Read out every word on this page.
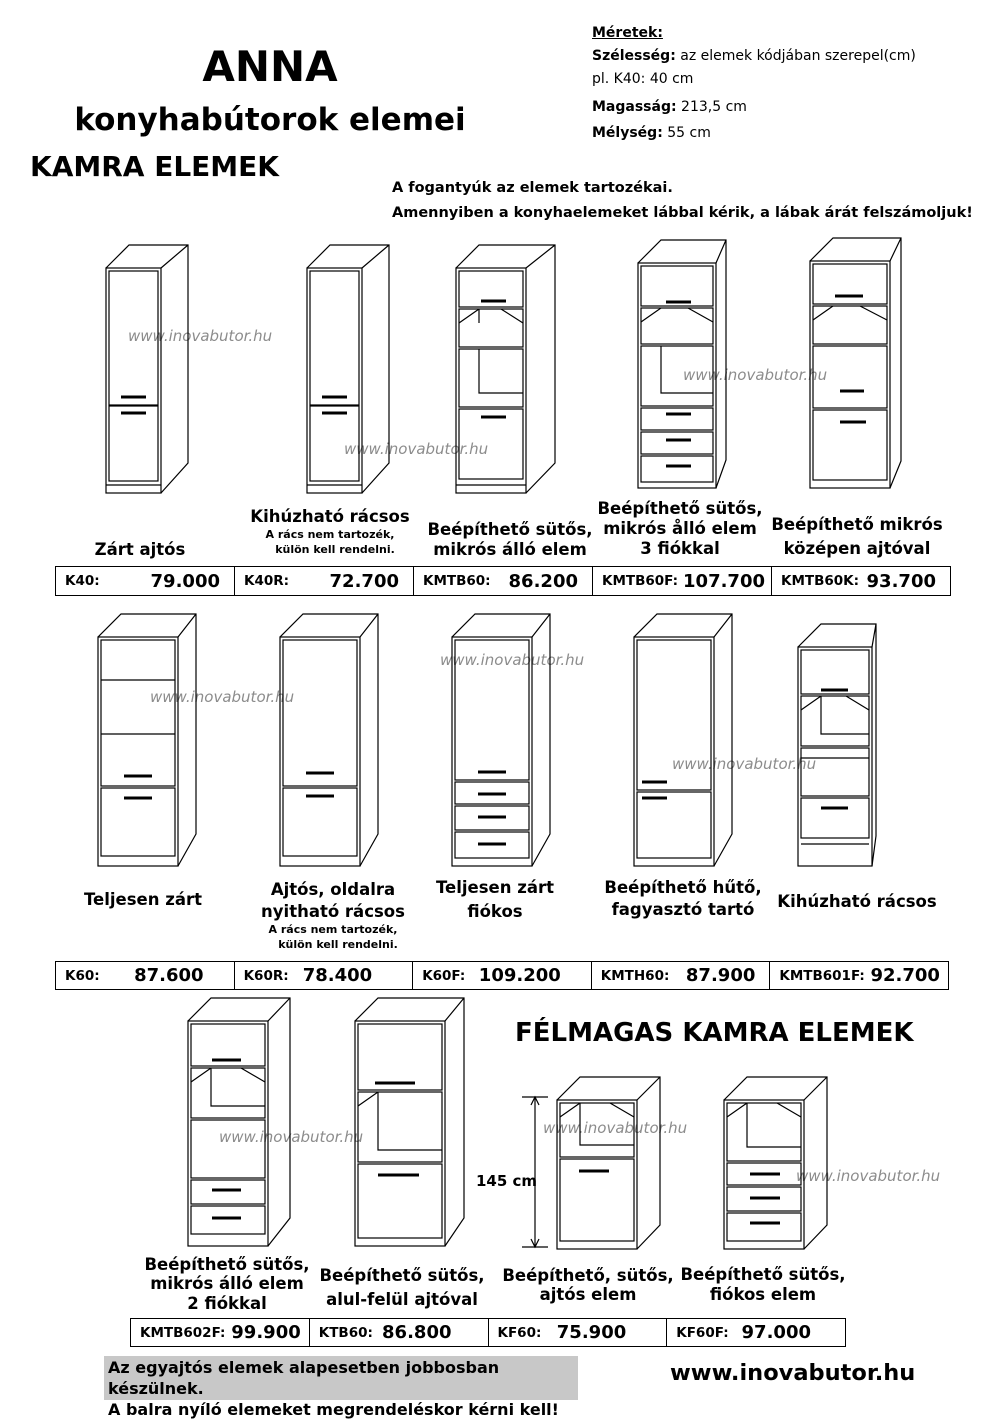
ANNA
konyhabútorok elemei
KAMRA ELEMEK
Méretek:
Szélesség: az elemek kódjában szerepel(cm)
pl. K40: 40 cm
Magasság: 213,5 cm
Mélység: 55 cm
A fogantyúk az elemek tartozékai.
Amennyiben a konyhaelemeket lábbal kérik, a lábak árát felszámoljuk!
www.inovabutor.hu
www.inovabutor.hu
www.inovabutor.hu
www.inovabutor.hu
www.inovabutor.hu
www.inovabutor.hu
www.inovabutor.hu	www.inovabutor.hu
www.inovabutor.hu
Zárt ajtós
Kihúzható rácsos
A rács nem tartozék,
külön kell rendelni.
Beépíthető sütős,
mikrós álló elem
Beépíthető sütős,
mikrós ålló elem
3 fiókkal
Beépíthető mikrós
középen ajtóval
K40:	79.000	K40R: 72.700	KMTB60: 86.200	KMTB60F: 107.700	KMTB60K: 93.700
Teljesen zárt
Ajtós, oldalra
nyitható rácsos
A rács nem tartozék,
külön kell rendelni.
Teljesen zárt
fiókos
Beépíthető hűtő,
fagyasztó tartó	Kihúzható rácsos
K60: 87.600	K60R: 78.400	K60F: 109.200	KMTH60: 87.900	KMTB601F: 92.700
FÉLMAGAS KAMRA ELEMEK
145 cm
Beépíthető sütős,
mikrós álló elem
2 fiókkal
Beépíthető sütős,
alul-felül ajtóval
Beépíthető, sütős,
ajtós elem
Beépíthető sütős,
fiókos elem
KMTB602F: 99.900	KTB60: 86.800	KF60: 75.900	KF60F: 97.000
Az egyajtós elemek alapesetben jobbosban készülnek.
A balra nyíló elemeket megrendeléskor kérni kell!
www.inovabutor.hu
